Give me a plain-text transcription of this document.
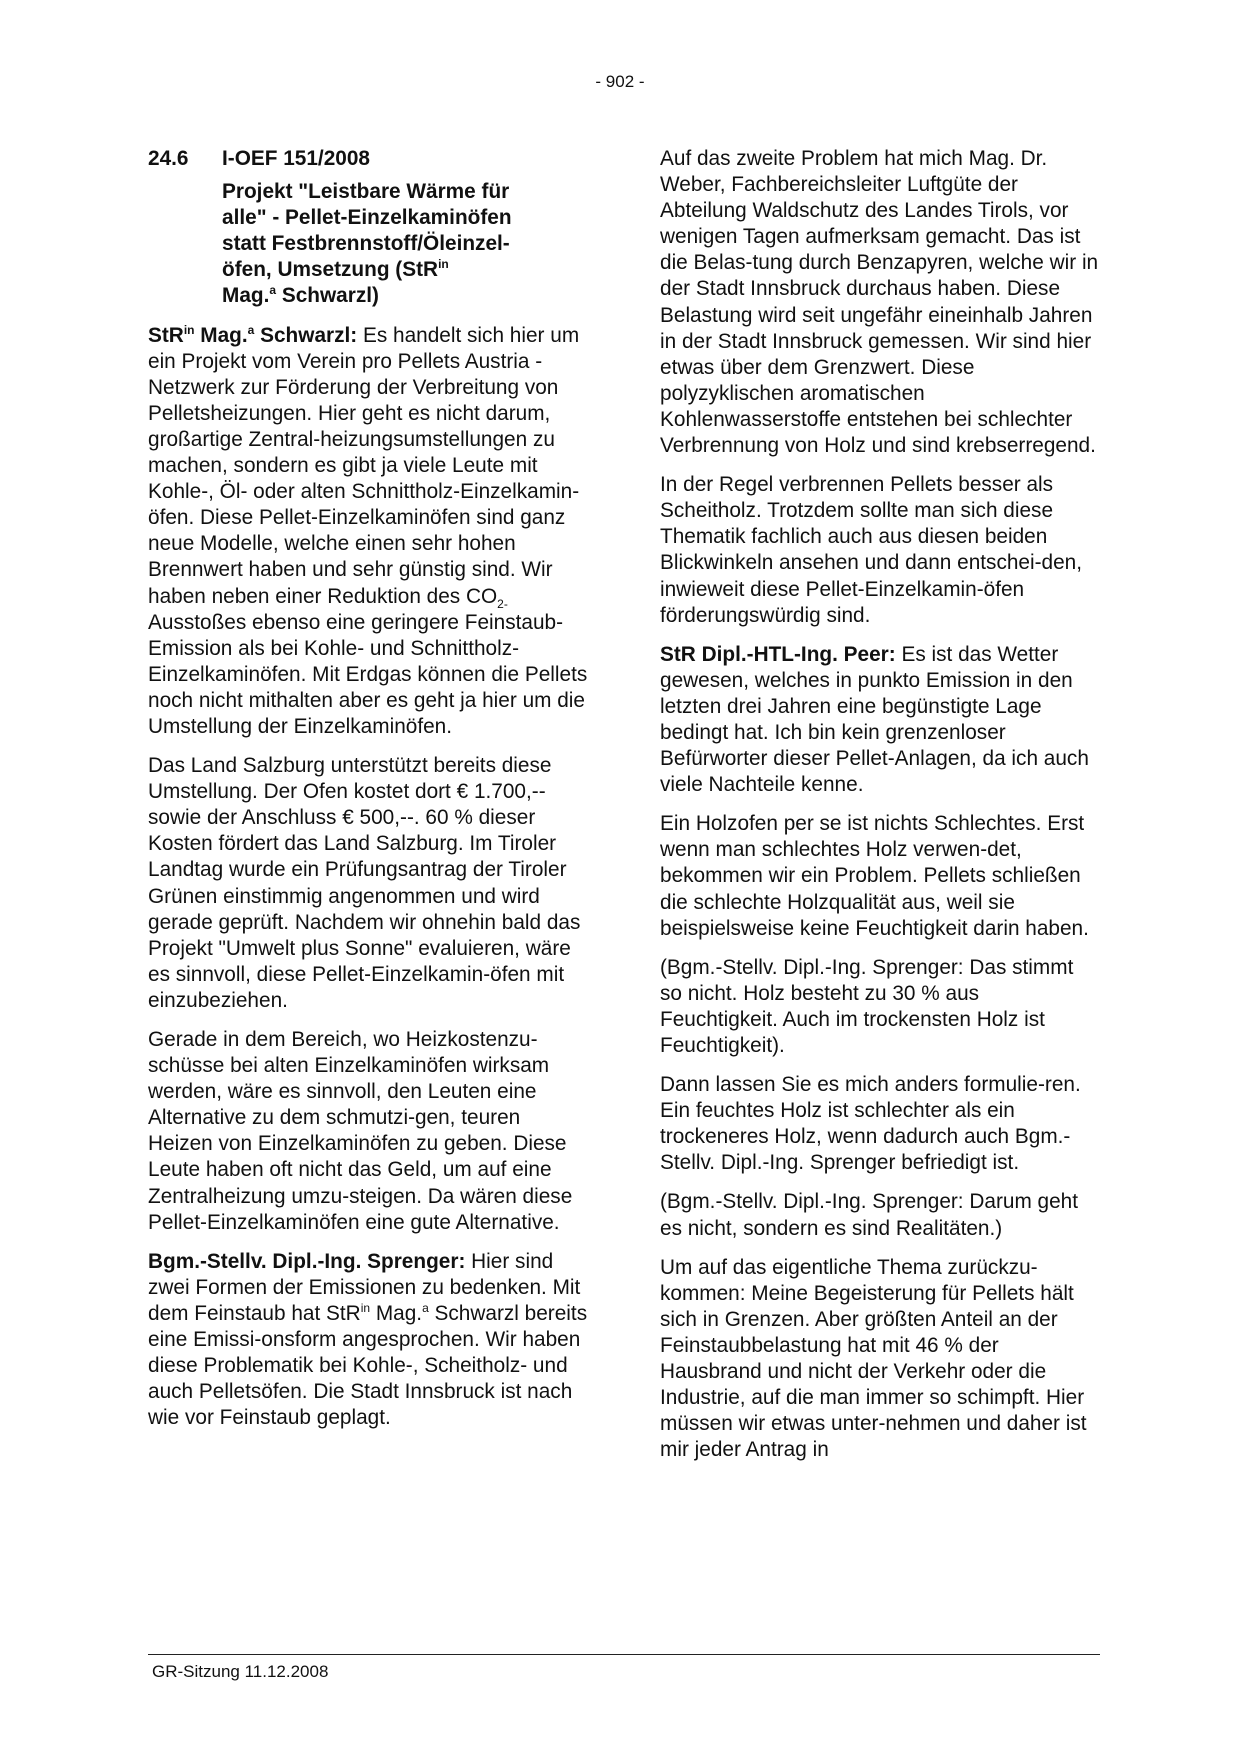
- 902 -
24.6	I-OEF 151/2008
Projekt "Leistbare Wärme für alle" - Pellet-Einzelkaminöfen statt Festbrennstoff/Öleinzel-öfen, Umsetzung (StR$^{in}$
Mag.$^a$ Schwarzl)

StR$^{in}$ Mag.$^a$ Schwarzl: Es handelt sich hier um ein Projekt vom Verein pro Pellets Austria - Netzwerk zur Förderung der Verbreitung von Pelletsheizungen. Hier geht es nicht darum, großartige Zentral-heizungsumstellungen zu machen, sondern es gibt ja viele Leute mit Kohle-, Öl- oder alten Schnittholz-Einzelkamin-öfen. Diese Pellet-Einzelkaminöfen sind ganz neue Modelle, welche einen sehr hohen Brennwert haben und sehr günstig sind. Wir haben neben einer Reduktion des $CO_{2-}Ausstoßes$ ebenso eine geringere Feinstaub-Emission als bei Kohle- und Schnittholz-Einzelkaminöfen. Mit Erdgas können die Pellets noch nicht mithalten aber es geht ja hier um die Umstellung der Einzelkaminöfen.

Das Land Salzburg unterstützt bereits diese Umstellung. Der Ofen kostet dort € 1.700,-- sowie der Anschluss € 500,--. 60 % dieser Kosten fördert das Land Salzburg. Im Tiroler Landtag wurde ein Prüfungsantrag der Tiroler Grünen einstimmig angenommen und wird gerade geprüft. Nachdem wir ohnehin bald das Projekt "Umwelt plus Sonne" evaluieren, wäre es sinnvoll, diese Pellet-Einzelkamin-öfen mit einzubeziehen.

Gerade in dem Bereich, wo Heizkostenzu-schüsse bei alten Einzelkaminöfen wirksam werden, wäre es sinnvoll, den Leuten eine Alternative zu dem schmutzi-gen, teuren Heizen von Einzelkaminöfen zu geben. Diese Leute haben oft nicht das Geld, um auf eine Zentralheizung umzu-steigen. Da wären diese Pellet-Einzelkaminöfen eine gute Alternative.

Bgm.-Stellv. Dipl.-Ing. Sprenger: Hier sind zwei Formen der Emissionen zu bedenken. Mit dem Feinstaub hat StR$^{in}$ Mag.$^a$ Schwarzl bereits eine Emissi-onsform angesprochen. Wir haben diese Problematik bei Kohle-, Scheitholz- und auch Pelletsöfen. Die Stadt Innsbruck ist nach wie vor Feinstaub geplagt.

Auf das zweite Problem hat mich Mag. Dr. Weber, Fachbereichsleiter Luftgüte der Abteilung Waldschutz des Landes Tirols, vor wenigen Tagen aufmerksam gemacht. Das ist die Belas-tung durch Benzapyren, welche wir in der Stadt Innsbruck durchaus haben. Diese Belastung wird seit ungefähr eineinhalb Jahren in der Stadt Innsbruck gemessen. Wir sind hier etwas über dem Grenzwert. Diese polyzyklischen aromatischen Kohlenwasserstoffe entstehen bei schlechter Verbrennung von Holz und sind krebserregend.

In der Regel verbrennen Pellets besser als Scheitholz. Trotzdem sollte man sich diese Thematik fachlich auch aus diesen beiden Blickwinkeln ansehen und dann entschei-den, inwieweit diese Pellet-Einzelkamin-öfen förderungswürdig sind.

StR Dipl.-HTL-Ing. Peer: Es ist das Wetter gewesen, welches in punkto Emission in den letzten drei Jahren eine begünstigte Lage bedingt hat. Ich bin kein grenzenloser Befürworter dieser Pellet-Anlagen, da ich auch viele Nachteile kenne.

Ein Holzofen per se ist nichts Schlechtes. Erst wenn man schlechtes Holz verwen-det, bekommen wir ein Problem. Pellets schließen die schlechte Holzqualität aus, weil sie beispielsweise keine Feuchtigkeit darin haben.

(Bgm.-Stellv. Dipl.-Ing. Sprenger: Das stimmt so nicht. Holz besteht zu 30 % aus Feuchtigkeit. Auch im trockensten Holz ist Feuchtigkeit).

Dann lassen Sie es mich anders formulie-ren. Ein feuchtes Holz ist schlechter als ein trockeneres Holz, wenn dadurch auch Bgm.-Stellv. Dipl.-Ing. Sprenger befriedigt ist.

(Bgm.-Stellv. Dipl.-Ing. Sprenger: Darum geht es nicht, sondern es sind Realitäten.)

Um auf das eigentliche Thema zurückzu-kommen: Meine Begeisterung für Pellets hält sich in Grenzen. Aber größten Anteil an der Feinstaubbelastung hat mit 46 % der Hausbrand und nicht der Verkehr oder die Industrie, auf die man immer so schimpft. Hier müssen wir etwas unter-nehmen und daher ist mir jeder Antrag in

GR-Sitzung 11.12.2008
